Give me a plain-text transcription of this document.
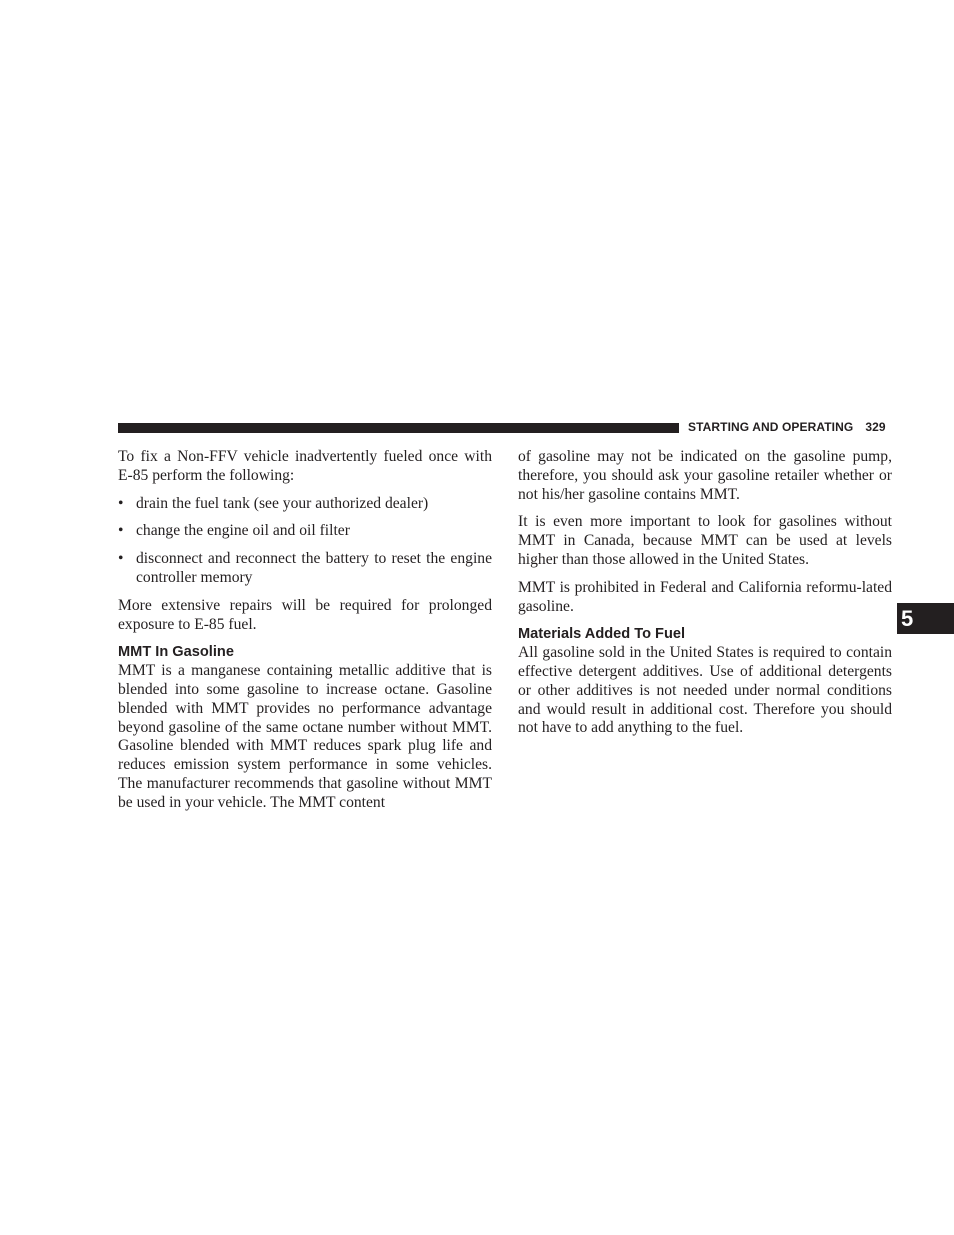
STARTING AND OPERATING 329
5

To fix a Non-FFV vehicle inadvertently fueled once with E-85 perform the following:

• drain the fuel tank (see your authorized dealer)
• change the engine oil and oil filter
• disconnect and reconnect the battery to reset the engine controller memory

More extensive repairs will be required for prolonged exposure to E-85 fuel.

MMT In Gasoline

MMT is a manganese containing metallic additive that is blended into some gasoline to increase octane. Gasoline blended with MMT provides no performance advantage beyond gasoline of the same octane number without MMT. Gasoline blended with MMT reduces spark plug life and reduces emission system performance in some vehicles. The manufacturer recommends that gasoline without MMT be used in your vehicle. The MMT content

of gasoline may not be indicated on the gasoline pump, therefore, you should ask your gasoline retailer whether or not his/her gasoline contains MMT.

It is even more important to look for gasolines without MMT in Canada, because MMT can be used at levels higher than those allowed in the United States.

MMT is prohibited in Federal and California reformu-lated gasoline.

Materials Added To Fuel

All gasoline sold in the United States is required to contain effective detergent additives. Use of additional detergents or other additives is not needed under normal conditions and would result in additional cost. Therefore you should not have to add anything to the fuel.
